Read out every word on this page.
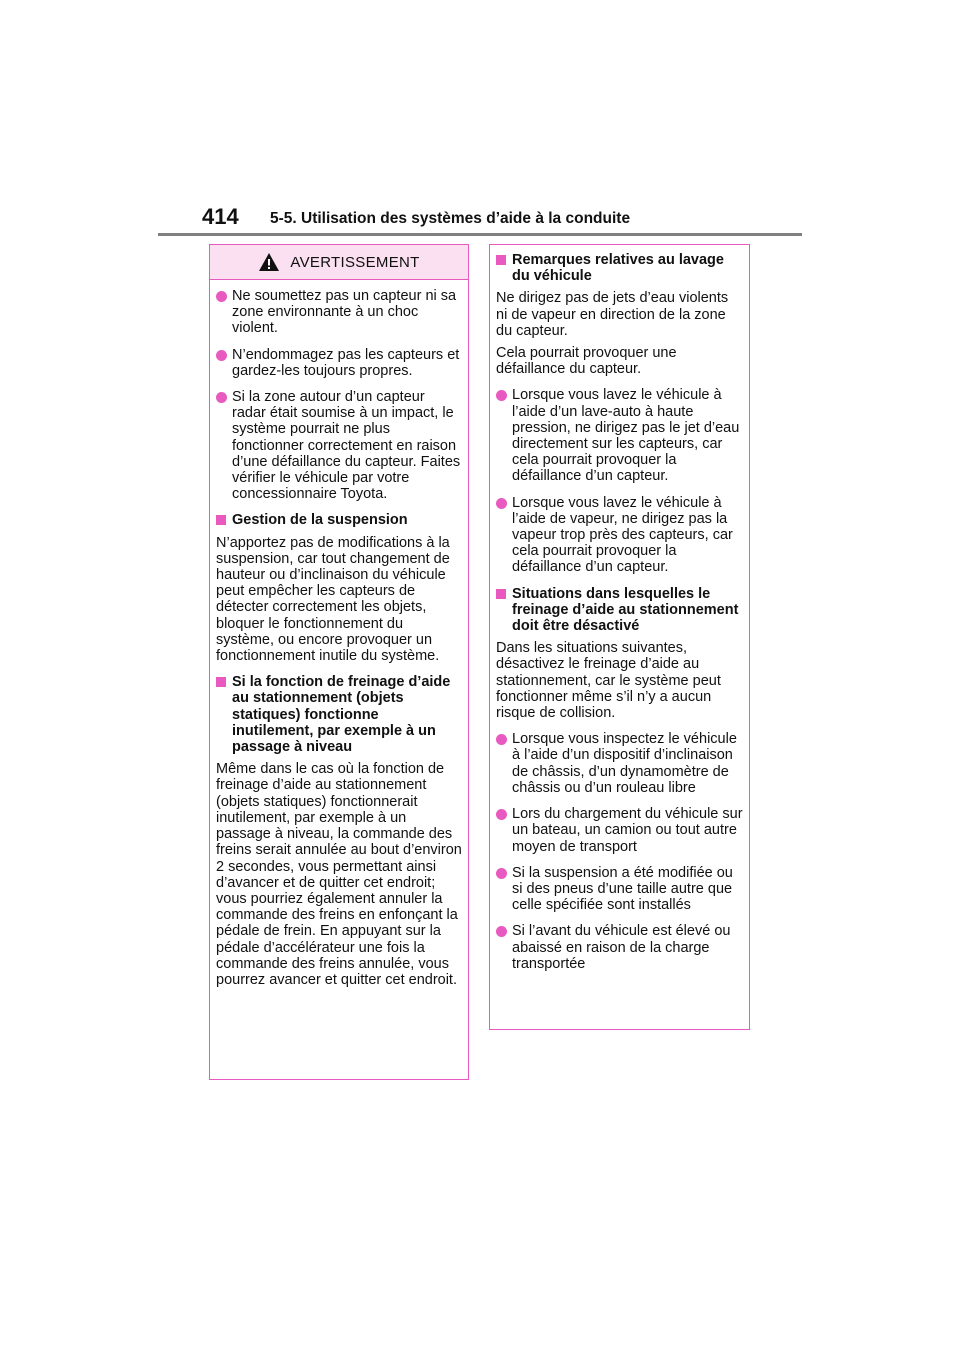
414 5-5. Utilisation des systèmes d’aide à la conduite
AVERTISSEMENT
Ne soumettez pas un capteur ni sa zone environnante à un choc violent.
N’endommagez pas les capteurs et gardez-les toujours propres.
Si la zone autour d’un capteur radar était soumise à un impact, le système pourrait ne plus fonctionner correctement en raison d’une défaillance du capteur. Faites vérifier le véhicule par votre concessionnaire Toyota.
Gestion de la suspension
N’apportez pas de modifications à la suspension, car tout changement de hauteur ou d’inclinaison du véhicule peut empêcher les capteurs de détecter correctement les objets, bloquer le fonctionnement du système, ou encore provoquer un fonctionnement inutile du système.
Si la fonction de freinage d’aide au stationnement (objets statiques) fonctionne inutilement, par exemple à un passage à niveau
Même dans le cas où la fonction de freinage d’aide au stationnement (objets statiques) fonctionnerait inutilement, par exemple à un passage à niveau, la commande des freins serait annulée au bout d’environ 2 secondes, vous permettant ainsi d’avancer et de quitter cet endroit; vous pourriez également annuler la commande des freins en enfonçant la pédale de frein. En appuyant sur la pédale d’accélérateur une fois la commande des freins annulée, vous pourrez avancer et quitter cet endroit.
Remarques relatives au lavage du véhicule
Ne dirigez pas de jets d’eau violents ni de vapeur en direction de la zone du capteur.
Cela pourrait provoquer une défaillance du capteur.
Lorsque vous lavez le véhicule à l’aide d’un lave-auto à haute pression, ne dirigez pas le jet d’eau directement sur les capteurs, car cela pourrait provoquer la défaillance d’un capteur.
Lorsque vous lavez le véhicule à l’aide de vapeur, ne dirigez pas la vapeur trop près des capteurs, car cela pourrait provoquer la défaillance d’un capteur.
Situations dans lesquelles le freinage d’aide au stationnement doit être désactivé
Dans les situations suivantes, désactivez le freinage d’aide au stationnement, car le système peut fonctionner même s’il n’y a aucun risque de collision.
Lorsque vous inspectez le véhicule à l’aide d’un dispositif d’inclinaison de châssis, d’un dynamomètre de châssis ou d’un rouleau libre
Lors du chargement du véhicule sur un bateau, un camion ou tout autre moyen de transport
Si la suspension a été modifiée ou si des pneus d’une taille autre que celle spécifiée sont installés
Si l’avant du véhicule est élevé ou abaissé en raison de la charge transportée
